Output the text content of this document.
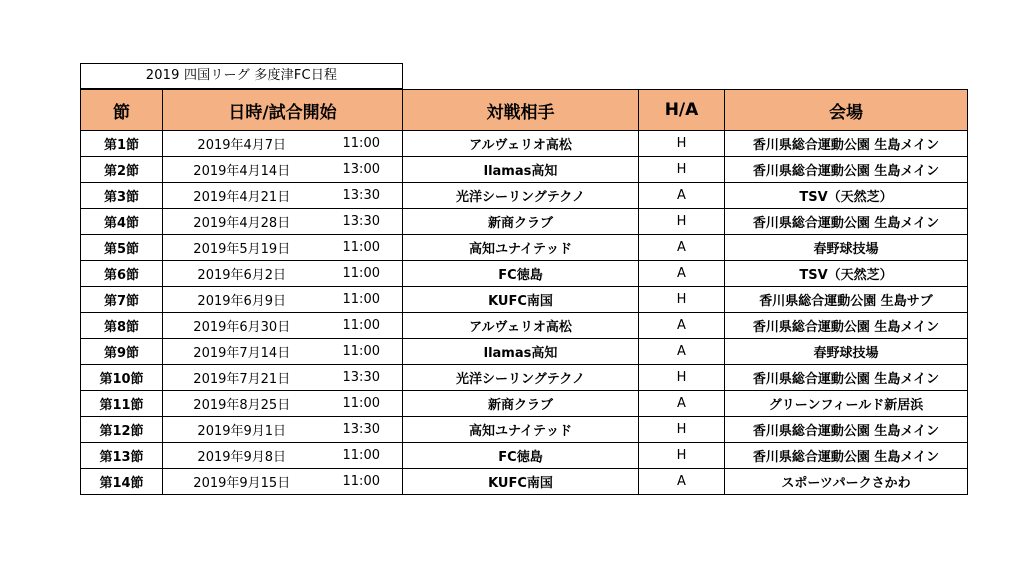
2019 四国リーグ 多度津FC日程
節	日時/試合開始		対戦相手	H/A	会場
第1節	2019年4月7日	11:00	アルヴェリオ高松	H	香川県総合運動公園 生島メイン
第2節	2019年4月14日	13:00	llamas高知	H	香川県総合運動公園 生島メイン
第3節	2019年4月21日	13:30	光洋シーリングテクノ	A	TSV（天然芝）
第4節	2019年4月28日	13:30	新商クラブ	H	香川県総合運動公園 生島メイン
第5節	2019年5月19日	11:00	高知ユナイテッド	A	春野球技場
第6節	2019年6月2日	11:00	FC徳島	A	TSV（天然芝）
第7節	2019年6月9日	11:00	KUFC南国	H	香川県総合運動公園 生島サブ
第8節	2019年6月30日	11:00	アルヴェリオ高松	A	香川県総合運動公園 生島メイン
第9節	2019年7月14日	11:00	llamas高知	A	春野球技場
第10節	2019年7月21日	13:30	光洋シーリングテクノ	H	香川県総合運動公園 生島メイン
第11節	2019年8月25日	11:00	新商クラブ	A	グリーンフィールド新居浜
第12節	2019年9月1日	13:30	高知ユナイテッド	H	香川県総合運動公園 生島メイン
第13節	2019年9月8日	11:00	FC徳島	H	香川県総合運動公園 生島メイン
第14節	2019年9月15日	11:00	KUFC南国	A	スポーツパークさかわ
